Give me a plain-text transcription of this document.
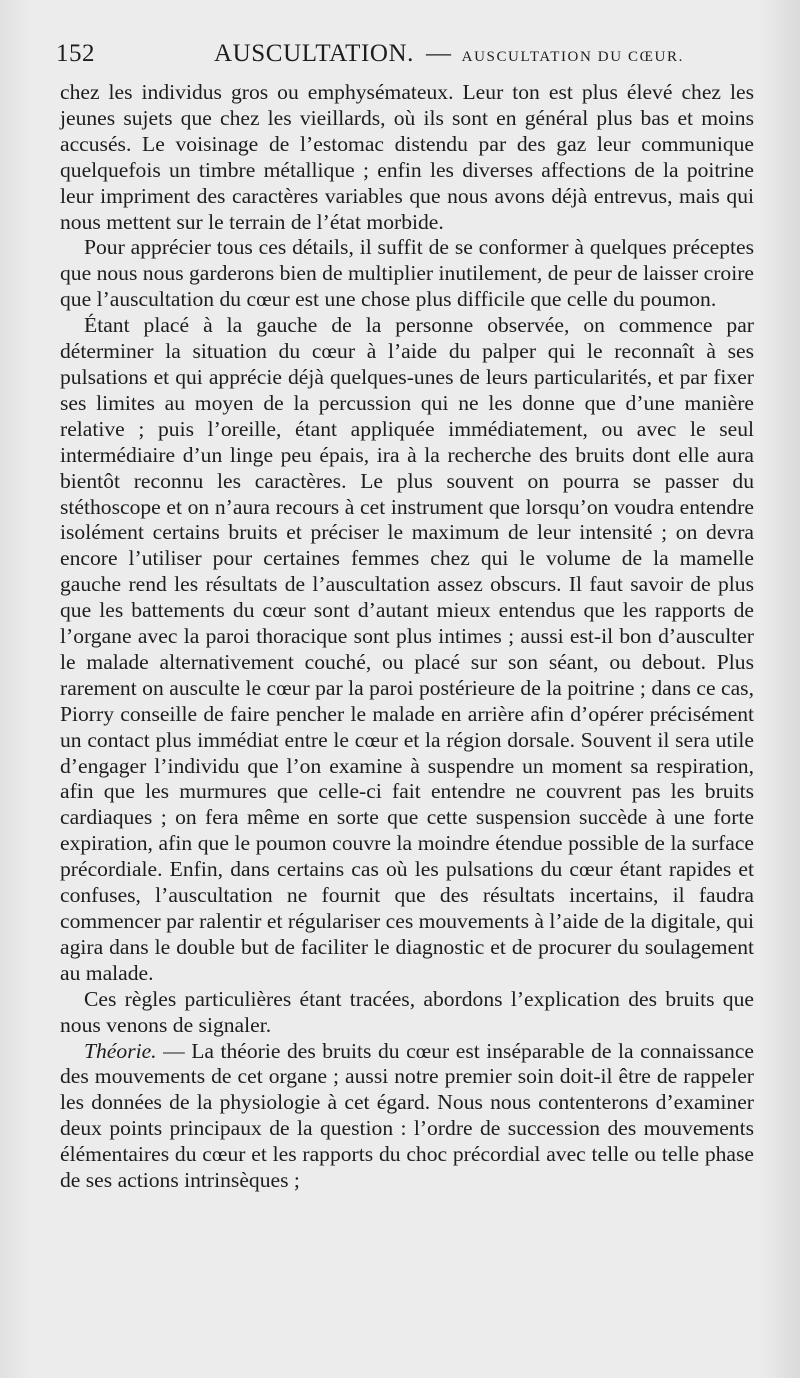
152	AUSCULTATION. — AUSCULTATION DU CŒUR.

chez les individus gros ou emphysémateux. Leur ton est plus élevé chez les jeunes sujets que chez les vieillards, où ils sont en général plus bas et moins accusés. Le voisinage de l’estomac distendu par des gaz leur communique quelquefois un timbre métallique ; enfin les diverses affections de la poitrine leur impriment des caractères variables que nous avons déjà entrevus, mais qui nous mettent sur le terrain de l’état morbide.

Pour apprécier tous ces détails, il suffit de se conformer à quelques préceptes que nous nous garderons bien de multiplier inutilement, de peur de laisser croire que l’auscultation du cœur est une chose plus difficile que celle du poumon.

Étant placé à la gauche de la personne observée, on commence par déterminer la situation du cœur à l’aide du palper qui le reconnaît à ses pulsations et qui apprécie déjà quelques-unes de leurs particularités, et par fixer ses limites au moyen de la percussion qui ne les donne que d’une manière relative ; puis l’oreille, étant appliquée immédiatement, ou avec le seul intermédiaire d’un linge peu épais, ira à la recherche des bruits dont elle aura bientôt reconnu les caractères. Le plus souvent on pourra se passer du stéthoscope et on n’aura recours à cet instrument que lorsqu’on voudra entendre isolément certains bruits et préciser le maximum de leur intensité ; on devra encore l’utiliser pour certaines femmes chez qui le volume de la mamelle gauche rend les résultats de l’auscultation assez obscurs. Il faut savoir de plus que les battements du cœur sont d’autant mieux entendus que les rapports de l’organe avec la paroi thoracique sont plus intimes ; aussi est-il bon d’ausculter le malade alternativement couché, ou placé sur son séant, ou debout. Plus rarement on ausculte le cœur par la paroi postérieure de la poitrine ; dans ce cas, Piorry conseille de faire pencher le malade en arrière afin d’opérer précisément un contact plus immédiat entre le cœur et la région dorsale. Souvent il sera utile d’engager l’individu que l’on examine à suspendre un moment sa respiration, afin que les murmures que celle-ci fait entendre ne couvrent pas les bruits cardiaques ; on fera même en sorte que cette suspension succède à une forte expiration, afin que le poumon couvre la moindre étendue possible de la surface précordiale. Enfin, dans certains cas où les pulsations du cœur étant rapides et confuses, l’auscultation ne fournit que des résultats incertains, il faudra commencer par ralentir et régulariser ces mouvements à l’aide de la digitale, qui agira dans le double but de faciliter le diagnostic et de procurer du soulagement au malade.

Ces règles particulières étant tracées, abordons l’explication des bruits que nous venons de signaler.

Théorie. — La théorie des bruits du cœur est inséparable de la connaissance des mouvements de cet organe ; aussi notre premier soin doit-il être de rappeler les données de la physiologie à cet égard. Nous nous contenterons d’examiner deux points principaux de la question : l’ordre de succession des mouvements élémentaires du cœur et les rapports du choc précordial avec telle ou telle phase de ses actions intrinsèques ;
